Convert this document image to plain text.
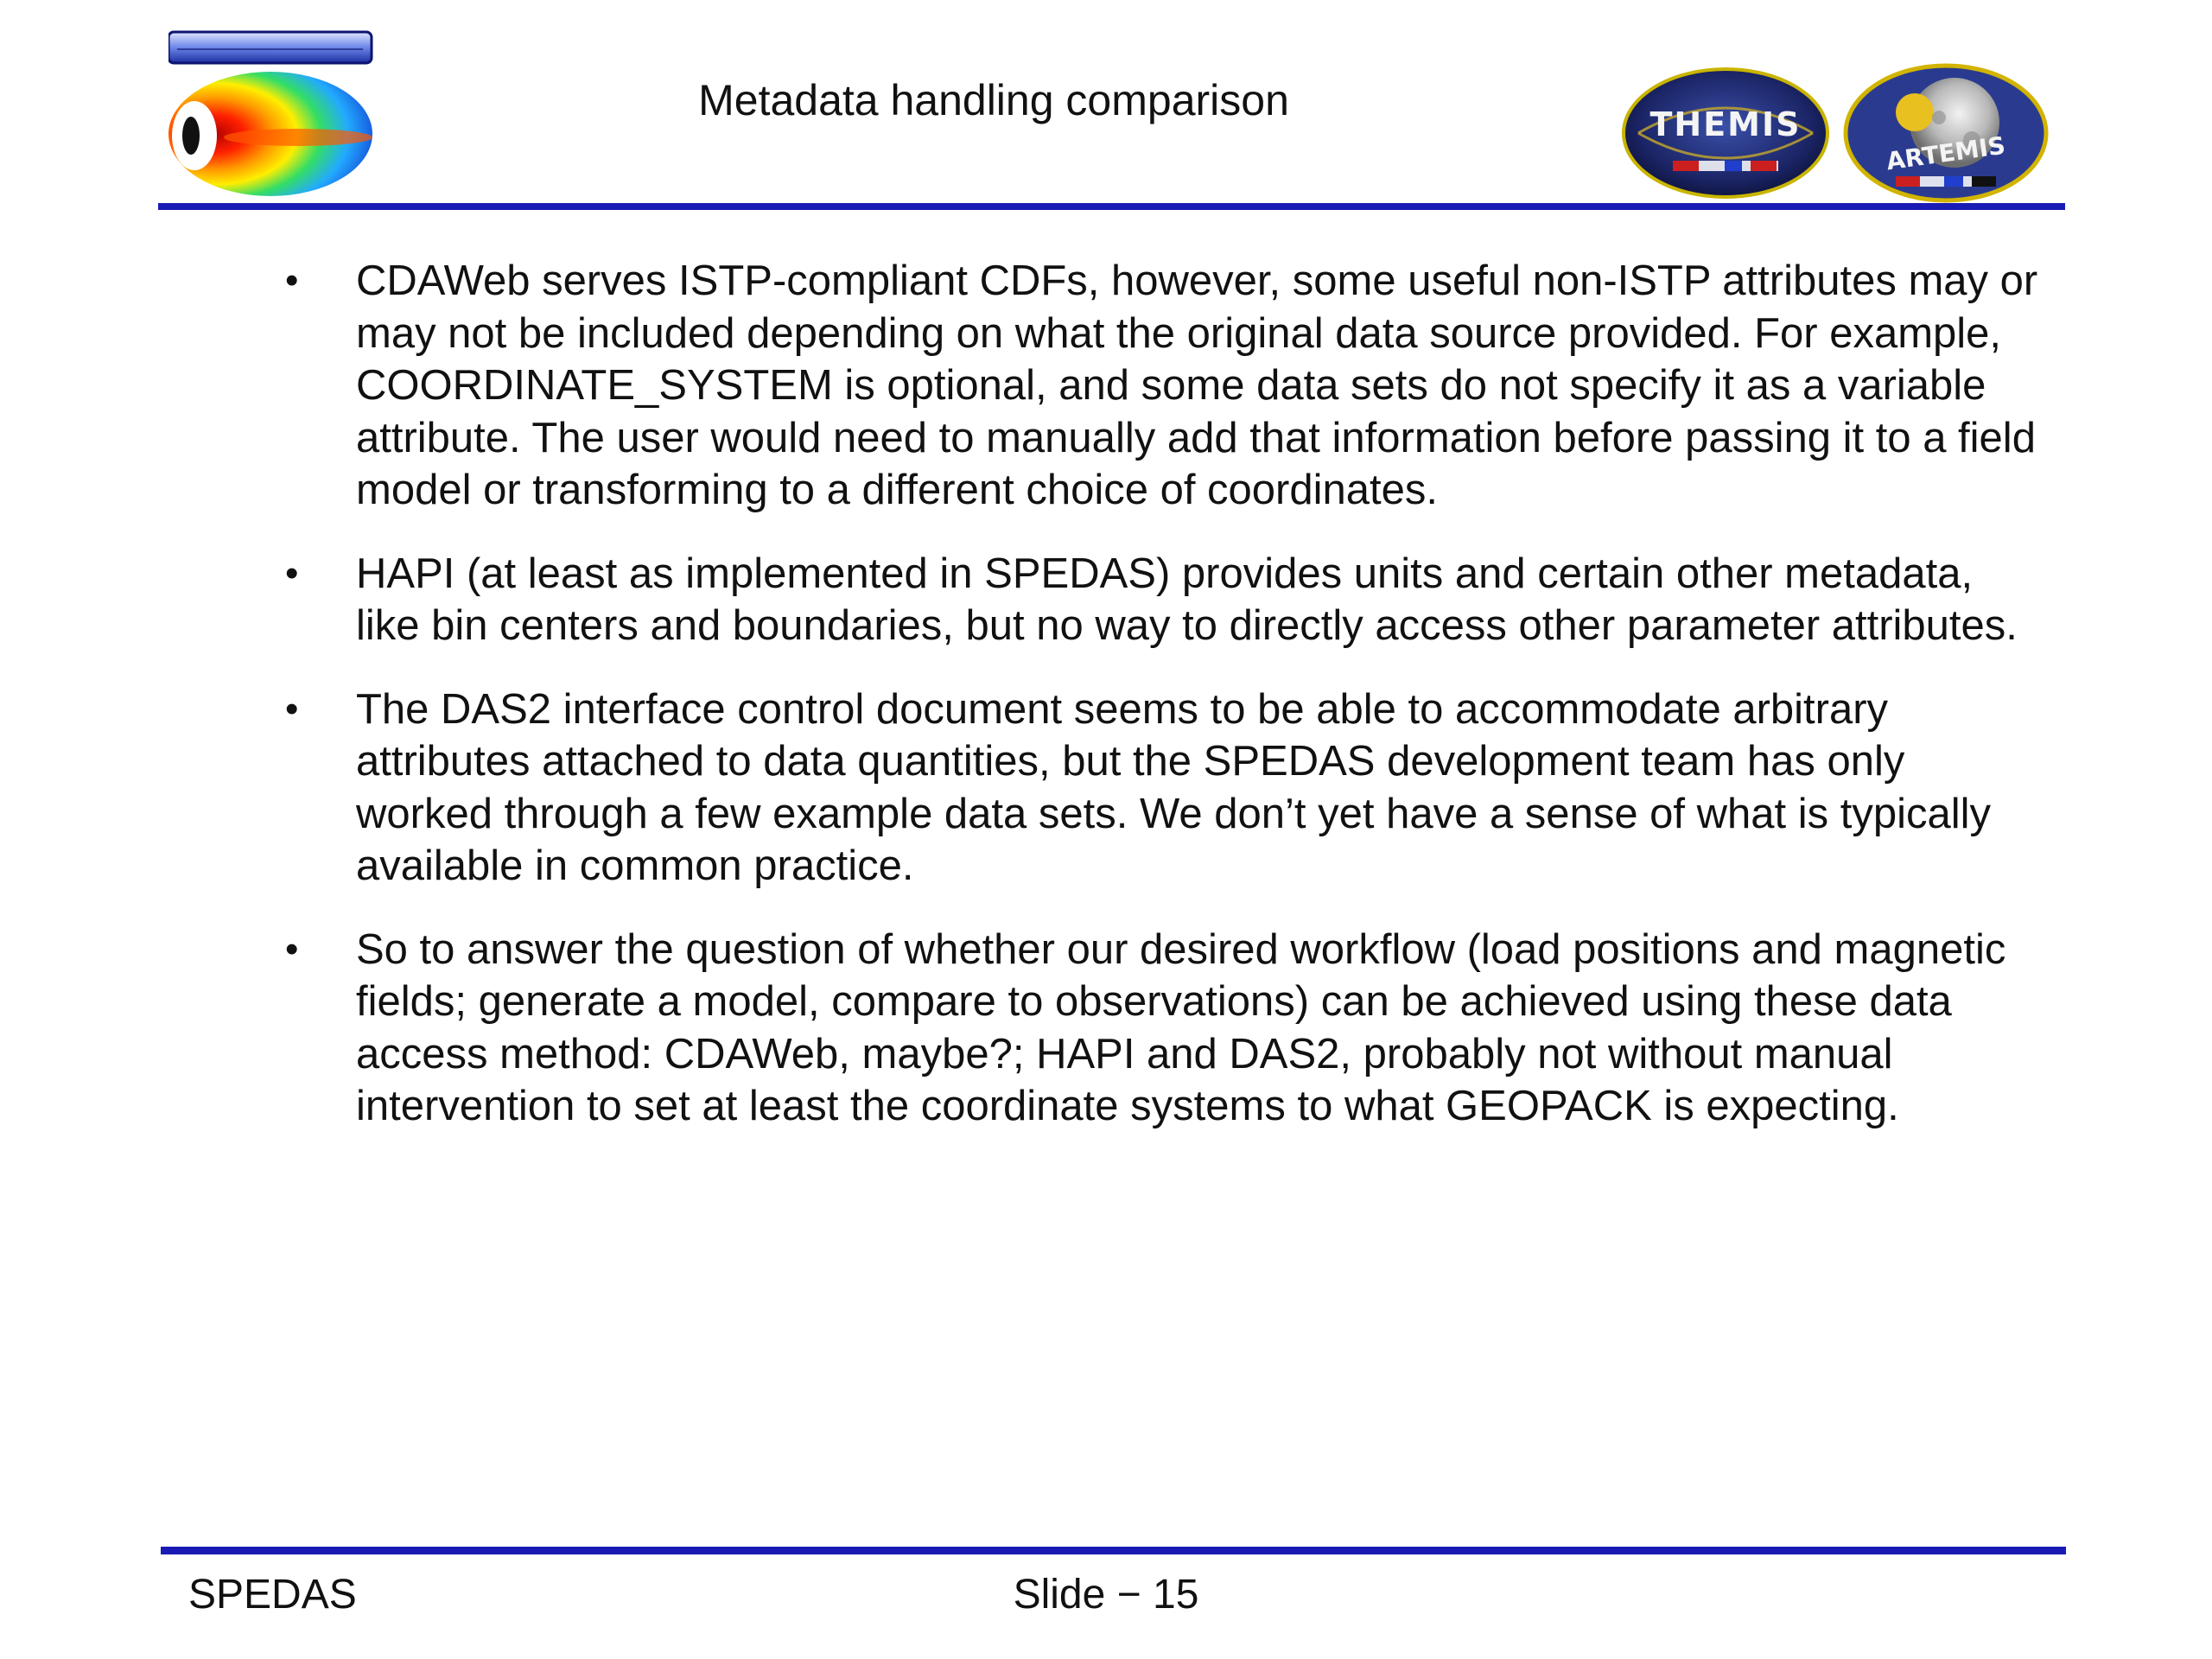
Metadata handling comparison	THEMIS
ARTEMIS
• CDAWeb serves ISTP-compliant CDFs, however, some useful non-ISTP attributes may or may not be included depending on what the original data source provided. For example, COORDINATE_SYSTEM is optional, and some data sets do not specify it as a variable attribute. The user would need to manually add that information before passing it to a field model or transforming to a different choice of coordinates.
• HAPI (at least as implemented in SPEDAS) provides units and certain other metadata, like bin centers and boundaries, but no way to directly access other parameter attributes.
• The DAS2 interface control document seems to be able to accommodate arbitrary attributes attached to data quantities, but the SPEDAS development team has only worked through a few example data sets. We don’t yet have a sense of what is typically available in common practice.
• So to answer the question of whether our desired workflow (load positions and magnetic fields; generate a model, compare to observations) can be achieved using these data access method: CDAWeb, maybe?; HAPI and DAS2, probably not without manual intervention to set at least the coordinate systems to what GEOPACK is expecting.
SPEDAS	Slide − 15
